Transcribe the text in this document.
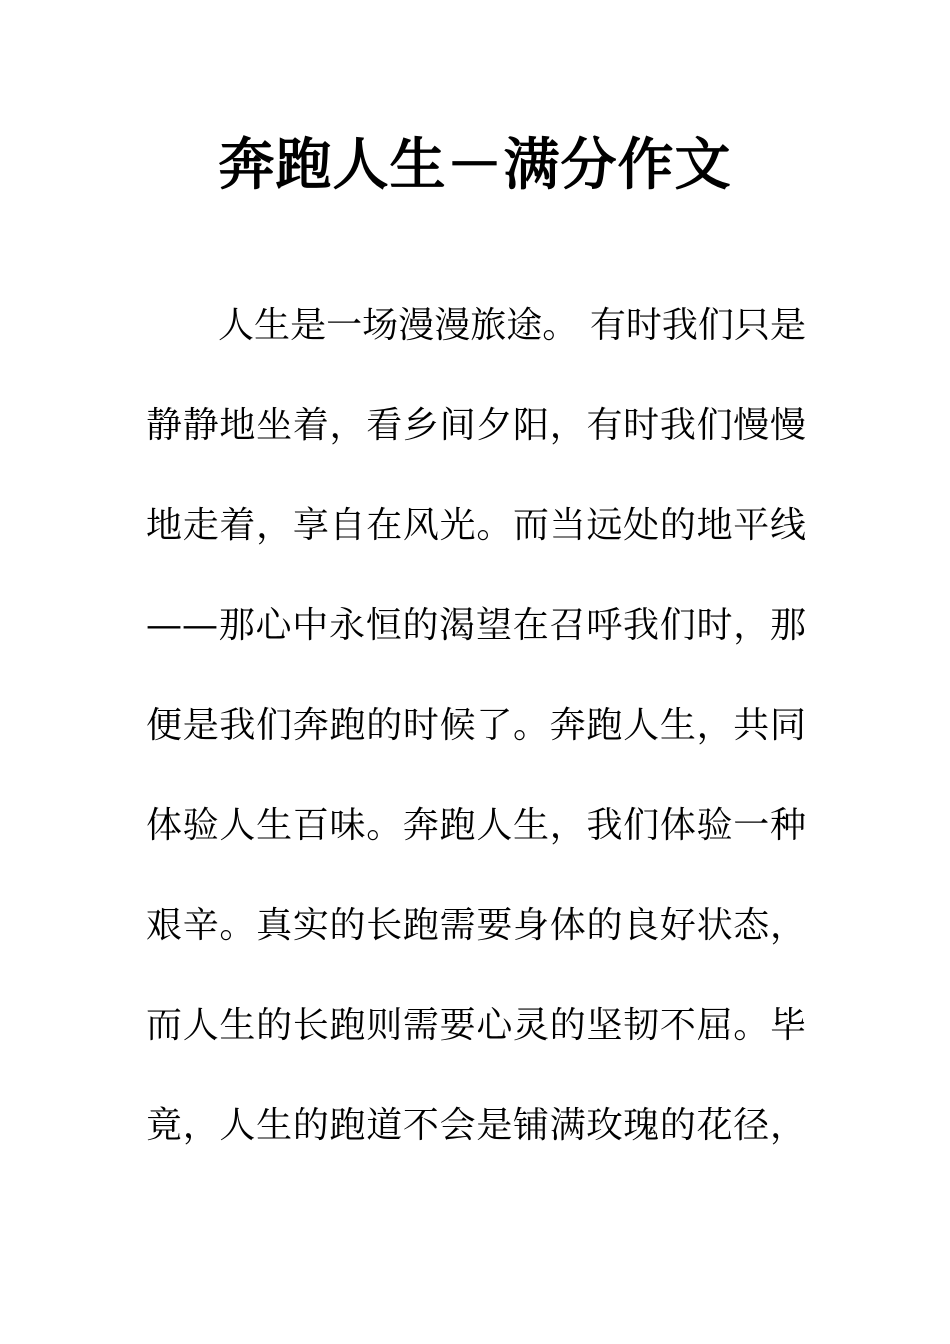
奔跑人生－满分作文
人生是一场漫漫旅途。 有时我们只是
静静地坐着，看乡间夕阳，有时我们慢慢
地走着，享自在风光。而当远处的地平线
——那心中永恒的渴望在召呼我们时，那
便是我们奔跑的时候了。奔跑人生，共同
体验人生百味。奔跑人生，我们体验一种
艰辛。真实的长跑需要身体的良好状态，
而人生的长跑则需要心灵的坚韧不屈。毕
竟，人生的跑道不会是铺满玫瑰的花径，
